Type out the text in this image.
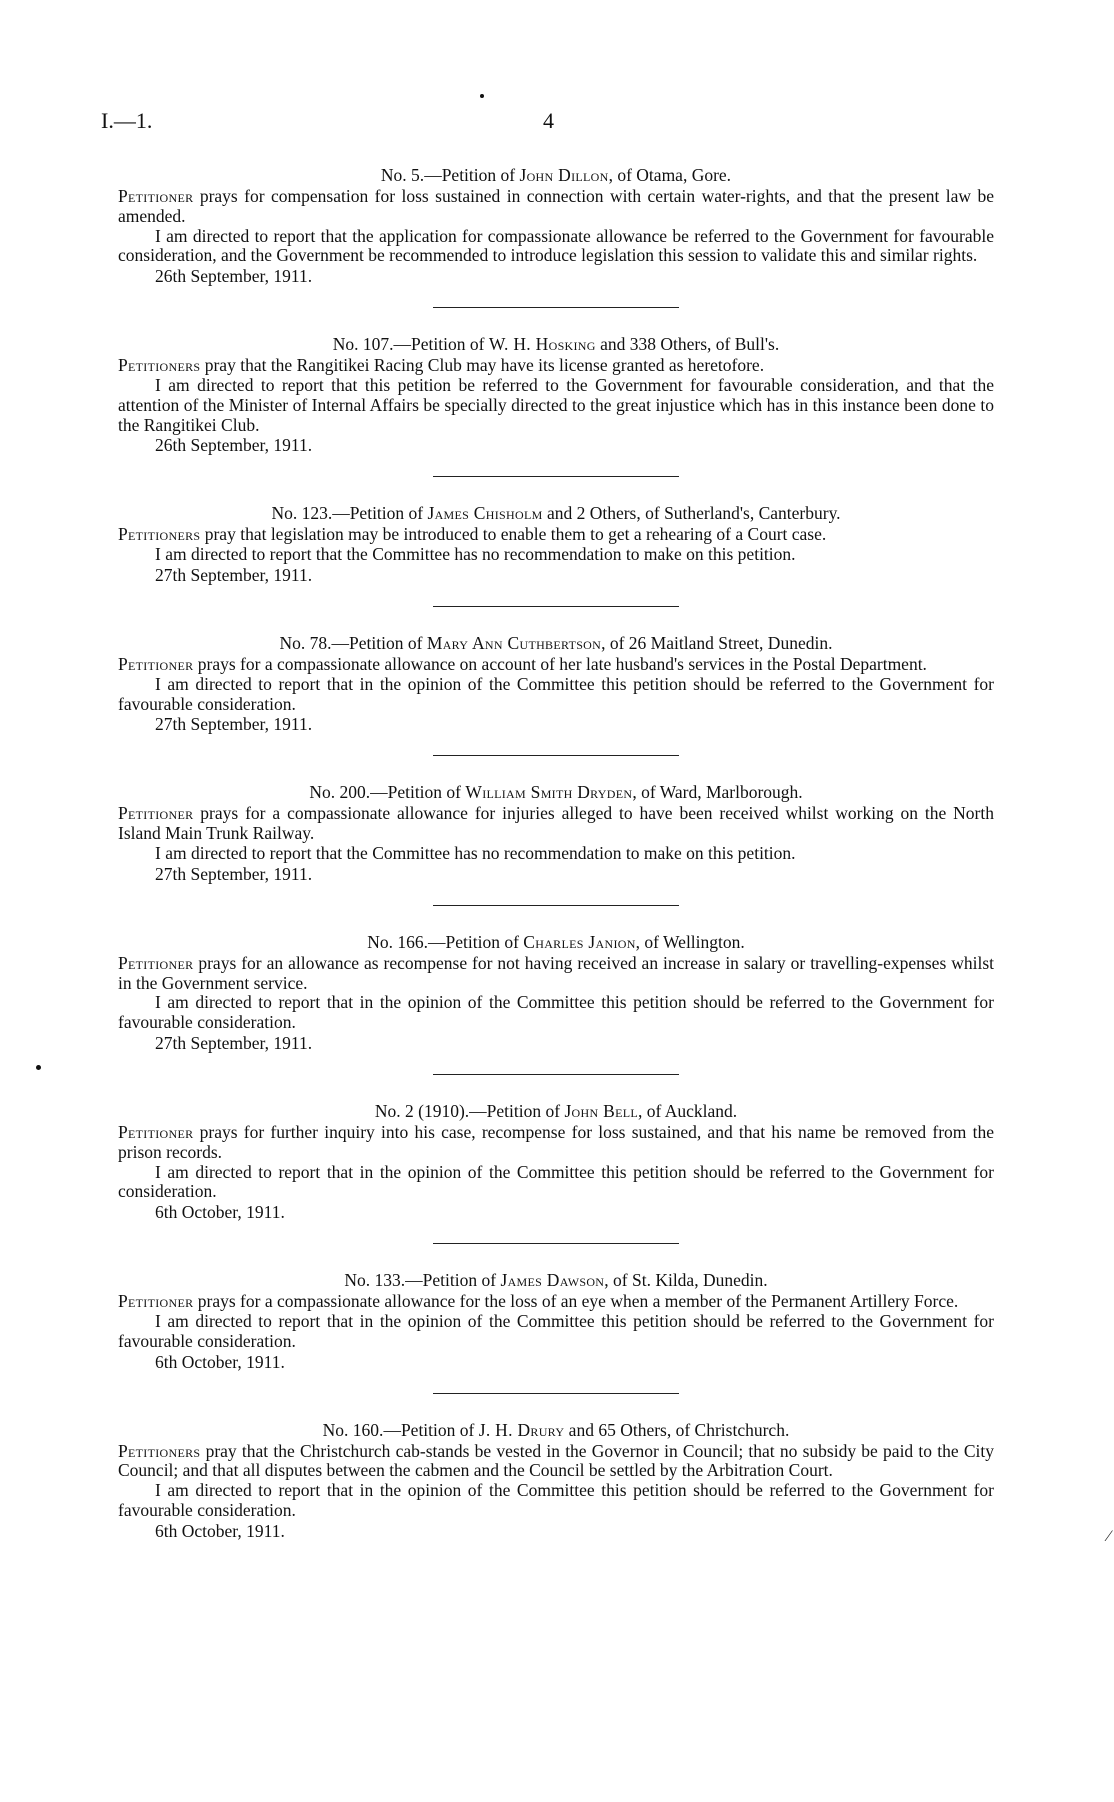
I.—1.	4

No. 5.—Petition of John Dillon, of Otama, Gore.

Petitioner prays for compensation for loss sustained in connection with certain water-rights, and that the present law be amended.

I am directed to report that the application for compassionate allowance be referred to the Government for favourable consideration, and the Government be recommended to introduce legislation this session to validate this and similar rights.

26th September, 1911.

No. 107.—Petition of W. H. Hosking and 338 Others, of Bull's.

Petitioners pray that the Rangitikei Racing Club may have its license granted as heretofore.

I am directed to report that this petition be referred to the Government for favourable consideration, and that the attention of the Minister of Internal Affairs be specially directed to the great injustice which has in this instance been done to the Rangitikei Club.

26th September, 1911.

No. 123.—Petition of James Chisholm and 2 Others, of Sutherland's, Canterbury.

Petitioners pray that legislation may be introduced to enable them to get a rehearing of a Court case.

I am directed to report that the Committee has no recommendation to make on this petition.

27th September, 1911.

No. 78.—Petition of Mary Ann Cuthbertson, of 26 Maitland Street, Dunedin.

Petitioner prays for a compassionate allowance on account of her late husband's services in the Postal Department.

I am directed to report that in the opinion of the Committee this petition should be referred to the Government for favourable consideration.

27th September, 1911.

No. 200.—Petition of William Smith Dryden, of Ward, Marlborough.

Petitioner prays for a compassionate allowance for injuries alleged to have been received whilst working on the North Island Main Trunk Railway.

I am directed to report that the Committee has no recommendation to make on this petition.

27th September, 1911.

No. 166.—Petition of Charles Janion, of Wellington.

Petitioner prays for an allowance as recompense for not having received an increase in salary or travelling-expenses whilst in the Government service.

I am directed to report that in the opinion of the Committee this petition should be referred to the Government for favourable consideration.

27th September, 1911.

No. 2 (1910).—Petition of John Bell, of Auckland.

Petitioner prays for further inquiry into his case, recompense for loss sustained, and that his name be removed from the prison records.

I am directed to report that in the opinion of the Committee this petition should be referred to the Government for consideration.

6th October, 1911.

No. 133.—Petition of James Dawson, of St. Kilda, Dunedin.

Petitioner prays for a compassionate allowance for the loss of an eye when a member of the Permanent Artillery Force.

I am directed to report that in the opinion of the Committee this petition should be referred to the Government for favourable consideration.

6th October, 1911.

No. 160.—Petition of J. H. Drury and 65 Others, of Christchurch.

Petitioners pray that the Christchurch cab-stands be vested in the Governor in Council; that no subsidy be paid to the City Council; and that all disputes between the cabmen and the Council be settled by the Arbitration Court.

I am directed to report that in the opinion of the Committee this petition should be referred to the Government for favourable consideration.

6th October, 1911.	∕
